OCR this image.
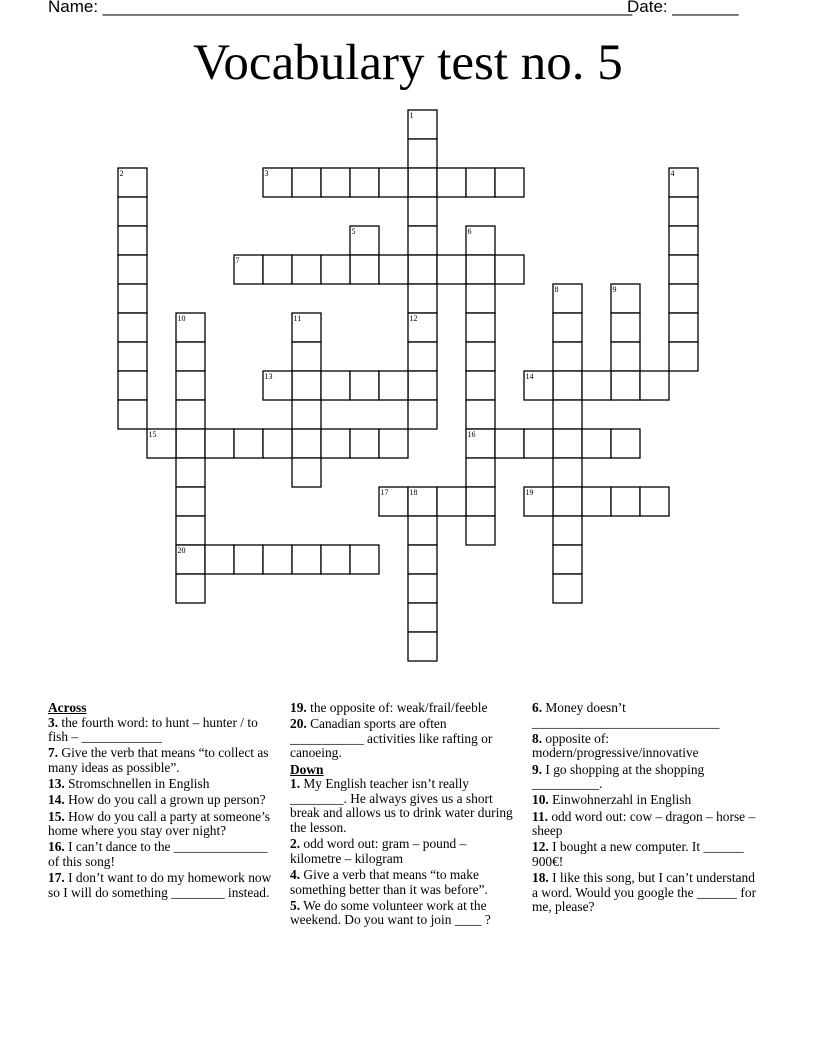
Name: ________________________________________________________
Date: _______
Vocabulary test no. 5
1
2	3	4
5	6
7
8	9
10	11	12
13	14
15	16
17	18	19
20
Across
3. the fourth word: to hunt – hunter / to fish – ____________
7. Give the verb that means “to collect as many ideas as possible”.
13. Stromschnellen in English
14. How do you call a grown up person?
15. How do you call a party at someone’s home where you stay over night?
16. I can’t dance to the ______________ of this song!
17. I don’t want to do my homework now so I will do something ________ instead.
19. the opposite of: weak/frail/feeble
20. Canadian sports are often ___________ activities like rafting or canoeing.
Down
1. My English teacher isn’t really ________. He always gives us a short break and allows us to drink water during the lesson.
2. odd word out: gram – pound – kilometre – kilogram
4. Give a verb that means “to make something better than it was before”.
5. We do some volunteer work at the weekend. Do you want to join ____ ?
6. Money doesn’t ____________________________
8. opposite of: modern/progressive/innovative
9. I go shopping at the shopping __________.
10. Einwohnerzahl in English
11. odd word out: cow – dragon – horse – sheep
12. I bought a new computer. It ______ 900€!
18. I like this song, but I can’t understand a word. Would you google the ______ for me, please?
